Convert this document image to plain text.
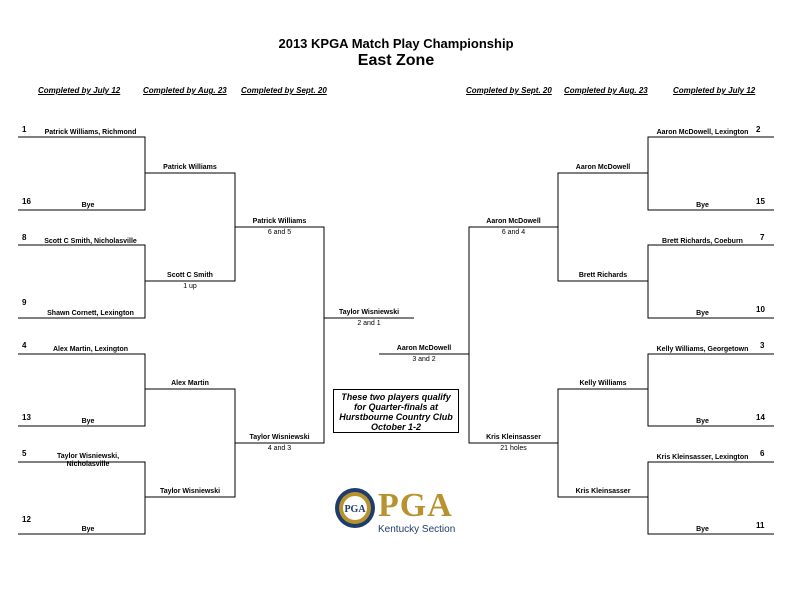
2013 KPGA Match Play Championship
East Zone
Completed by July 12	Completed by Aug. 23 Completed by Sept. 20	Completed by Sept. 20 Completed by Aug. 23	Completed by July 12
1	Patrick Williams, Richmond
16	Bye
8	Scott C Smith, Nicholasville
9
Shawn Cornett, Lexington
4	Alex Martin, Lexington
13	Bye
5	Taylor Wisniewski, Nicholasville
12
Bye
Patrick Williams
Scott C Smith
1 up
Alex Martin
Taylor Wisniewski
Patrick Williams
6 and 5
Taylor Wisniewski
4 and 3
Taylor Wisniewski
2 and 1
2
Aaron McDowell, Lexington
15
Bye
7
Brett Richards, Coeburn
10
Bye
3
Kelly Williams, Georgetown
14
Bye
6
Kris Kleinsasser, Lexington
11
Bye
Aaron McDowell
Brett Richards
Kelly Williams
Kris Kleinsasser
Aaron McDowell
6 and 4
Kris Kleinsasser
21 holes
Aaron McDowell
3 and 2
These two players qualify
for Quarter-finals at
Hurstbourne Country Club
October 1-2
PGA PGA
Kentucky Section
